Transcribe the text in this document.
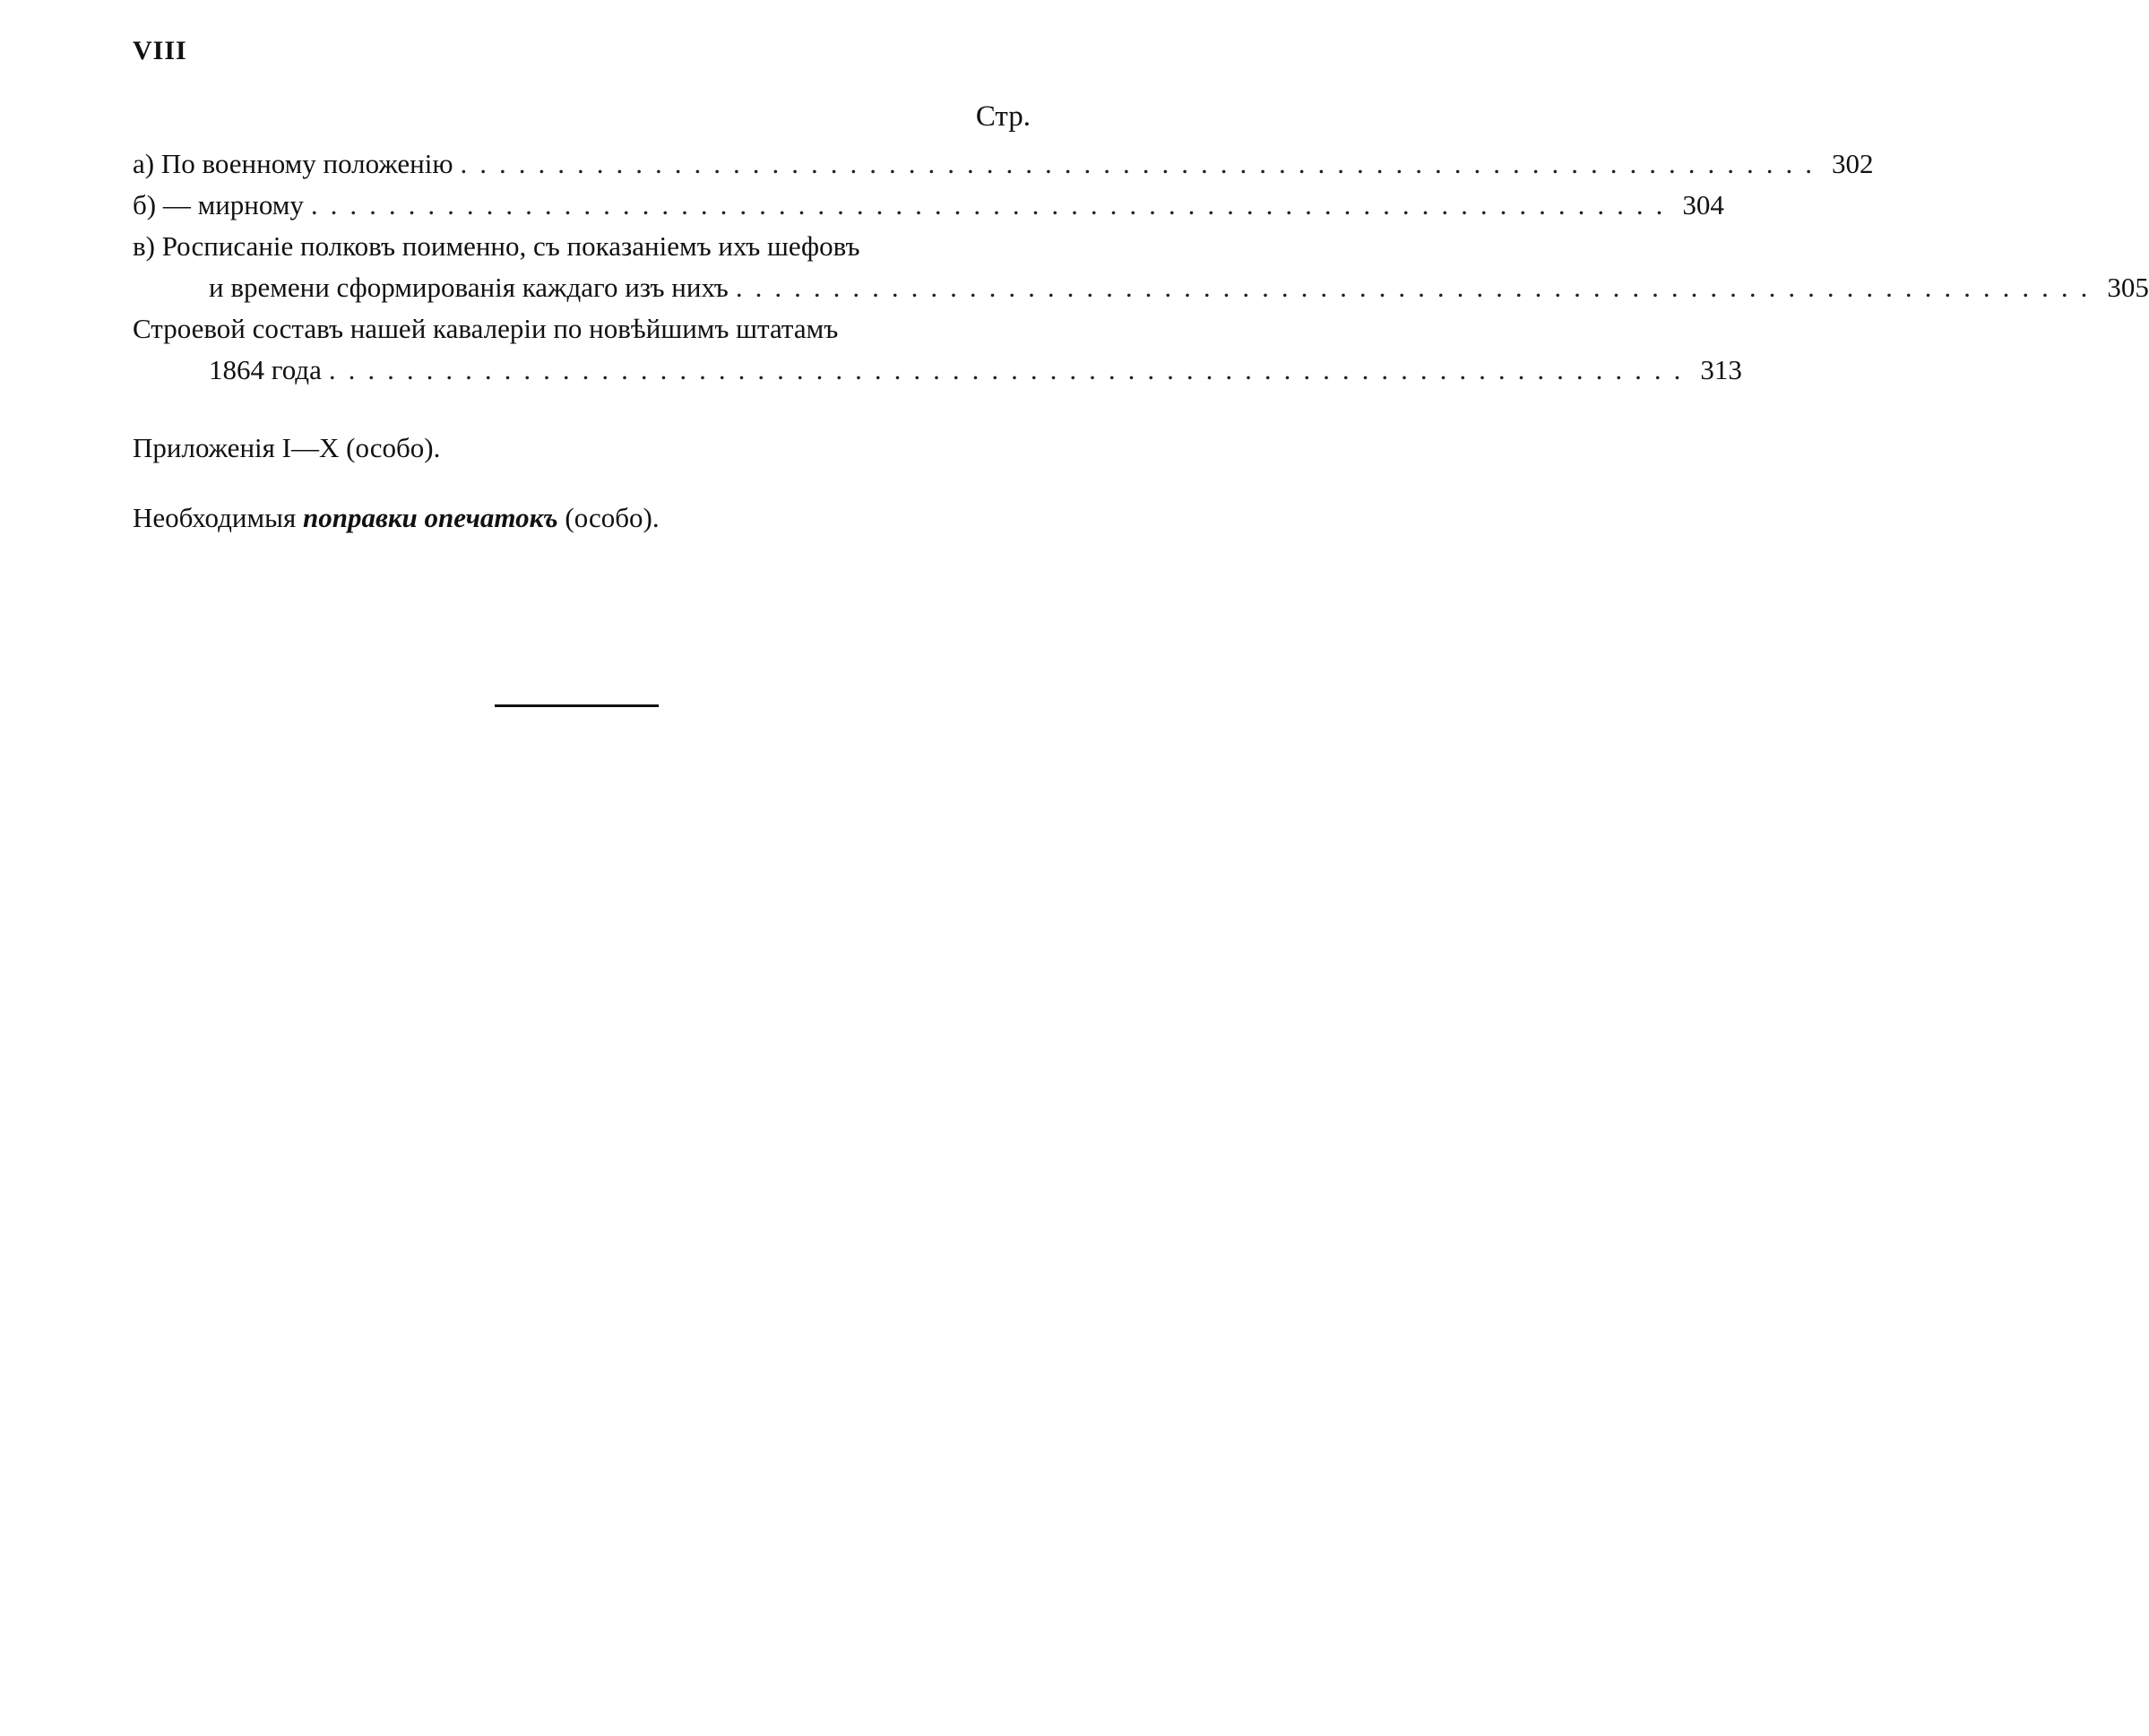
VIII
Стр.
а) По военному положенію ...................................................................... 302
б) — мирному ...................................................................... 304
в) Росписаніе полковъ поименно, съ показаніемъ ихъ шефовъ
и времени сформированія каждаго изъ нихъ ...................................................................... 305
Строевой составъ нашей кавалеріи по новѣйшимъ штатамъ
1864 года ...................................................................... 313
Приложенія I—X (особо).
Необходимыя поправки опечатокъ (особо).
